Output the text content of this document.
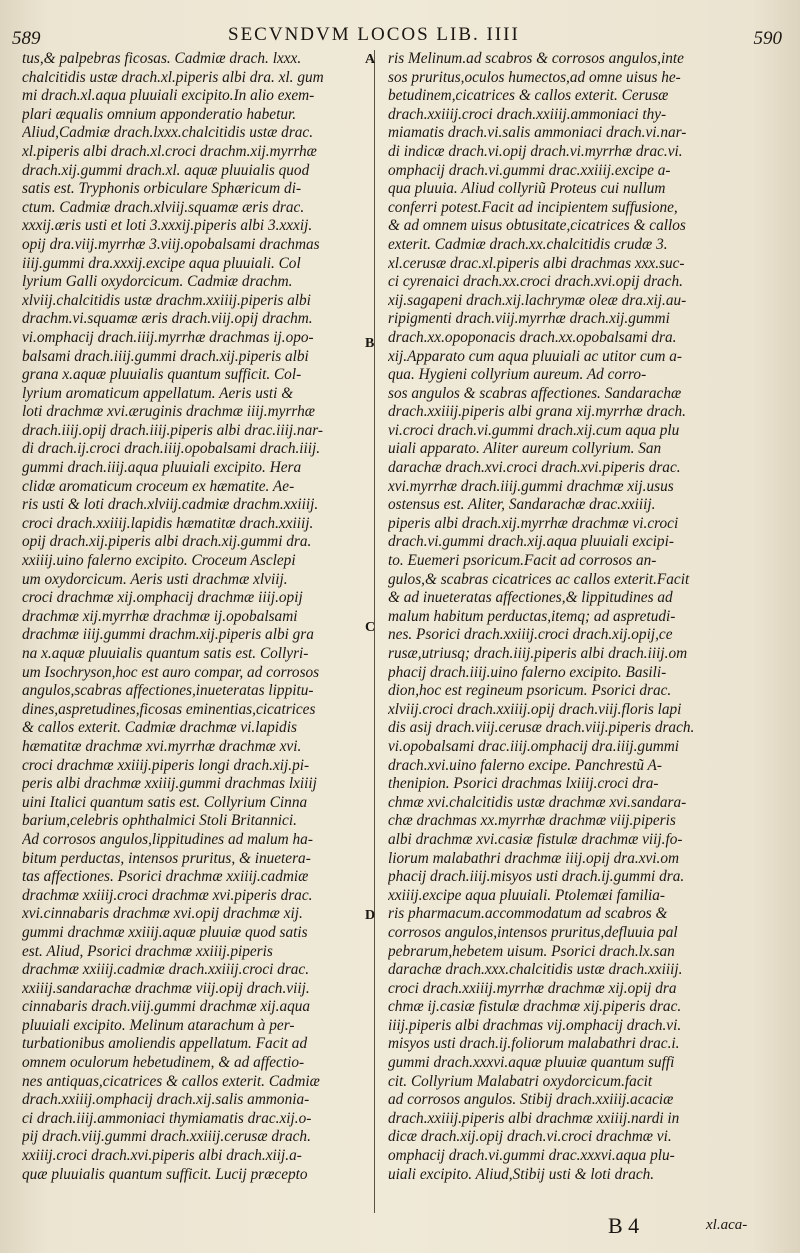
589	SECVNDVM LOCOS LIB. IIII	590
tus,& palpebras ficosas. Cadmiæ drach. lxxx.
chalcitidis ustæ drach.xl.piperis albi dra. xl. gum
mi drach.xl.aqua pluuiali excipito.In alio exem-
plari æqualis omnium apponderatio habetur.
Aliud,Cadmiæ drach.lxxx.chalcitidis ustæ drac.
xl.piperis albi drach.xl.croci drachm.xij.myrrhæ
drach.xij.gummi drach.xl. aquæ pluuialis quod
satis est. Tryphonis orbiculare Sphæricum di-
ctum. Cadmiæ drach.xlviij.squamæ æris drac.
xxxij.æris usti et loti 3.xxxij.piperis albi 3.xxxij.
opij dra.viij.myrrhæ 3.viij.opobalsami drachmas
iiij.gummi dra.xxxij.excipe aqua pluuiali. Col
lyrium Galli oxydorcicum. Cadmiæ drachm.
xlviij.chalcitidis ustæ drachm.xxiiij.piperis albi
drachm.vi.squamæ æris drach.viij.opij drachm.
vi.omphacij drach.iiij.myrrhæ drachmas ij.opo-
balsami drach.iiij.gummi drach.xij.piperis albi
grana x.aquæ pluuialis quantum sufficit. Col-
lyrium aromaticum appellatum. Aeris usti &
loti drachmæ xvi.æruginis drachmæ iiij.myrrhæ
drach.iiij.opij drach.iiij.piperis albi drac.iiij.nar-
di drach.ij.croci drach.iiij.opobalsami drach.iiij.
gummi drach.iiij.aqua pluuiali excipito. Hera
clidæ aromaticum croceum ex hæmatite. Ae-
ris usti & loti drach.xlviij.cadmiæ drachm.xxiiij.
croci drach.xxiiij.lapidis hæmatitæ drach.xxiiij.
opij drach.xij.piperis albi drach.xij.gummi dra.
xxiiij.uino falerno excipito. Croceum Asclepi
um oxydorcicum. Aeris usti drachmæ xlviij.
croci drachmæ xij.omphacij drachmæ iiij.opij
drachmæ xij.myrrhæ drachmæ ij.opobalsami
drachmæ iiij.gummi drachm.xij.piperis albi gra
na x.aquæ pluuialis quantum satis est. Collyri-
um Isochryson,hoc est auro compar, ad corrosos
angulos,scabras affectiones,inueteratas lippitu-
dines,aspretudines,ficosas eminentias,cicatrices
& callos exterit. Cadmiæ drachmæ vi.lapidis
hæmatitæ drachmæ xvi.myrrhæ drachmæ xvi.
croci drachmæ xxiiij.piperis longi drach.xij.pi-
peris albi drachmæ xxiiij.gummi drachmas lxiiij
uini Italici quantum satis est. Collyrium Cinna
barium,celebris ophthalmici Stoli Britannici.
Ad corrosos angulos,lippitudines ad malum ha-
bitum perductas, intensos pruritus, & inuetera-
tas affectiones. Psorici drachmæ xxiiij.cadmiæ
drachmæ xxiiij.croci drachmæ xvi.piperis drac.
xvi.cinnabaris drachmæ xvi.opij drachmæ xij.
gummi drachmæ xxiiij.aquæ pluuiæ quod satis
est. Aliud, Psorici drachmæ xxiiij.piperis
drachmæ xxiiij.cadmiæ drach.xxiiij.croci drac.
xxiiij.sandarachæ drachmæ viij.opij drach.viij.
cinnabaris drach.viij.gummi drachmæ xij.aqua
pluuiali excipito. Melinum atarachum à per-
turbationibus amoliendis appellatum. Facit ad
omnem oculorum hebetudinem, & ad affectio-
nes antiquas,cicatrices & callos exterit. Cadmiæ
drach.xxiiij.omphacij drach.xij.salis ammonia-
ci drach.iiij.ammoniaci thymiamatis drac.xij.o-
pij drach.viij.gummi drach.xxiiij.cerusæ drach.
xxiiij.croci drach.xvi.piperis albi drach.xiij.a-
quæ pluuialis quantum sufficit. Lucij præcepto
ris Melinum.ad scabros & corrosos angulos,inte
sos pruritus,oculos humectos,ad omne uisus he-
betudinem,cicatrices & callos exterit. Cerusæ
drach.xxiiij.croci drach.xxiiij.ammoniaci thy-
miamatis drach.vi.salis ammoniaci drach.vi.nar-
di indicæ drach.vi.opij drach.vi.myrrhæ drac.vi.
omphacij drach.vi.gummi drac.xxiiij.excipe a-
qua pluuia. Aliud collyriũ Proteus cui nullum
conferri potest.Facit ad incipientem suffusione,
& ad omnem uisus obtusitate,cicatrices & callos
exterit. Cadmiæ drach.xx.chalcitidis crudæ 3.
xl.cerusæ drac.xl.piperis albi drachmas xxx.suc-
ci cyrenaici drach.xx.croci drach.xvi.opij drach.
xij.sagapeni drach.xij.lachrymæ oleæ dra.xij.au-
ripigmenti drach.viij.myrrhæ drach.xij.gummi
drach.xx.opoponacis drach.xx.opobalsami dra.
xij.Apparato cum aqua pluuiali ac utitor cum a-
qua. Hygieni collyrium aureum. Ad corro-
sos angulos & scabras affectiones. Sandarachæ
drach.xxiiij.piperis albi grana xij.myrrhæ drach.
vi.croci drach.vi.gummi drach.xij.cum aqua plu
uiali apparato. Aliter aureum collyrium. San
darachæ drach.xvi.croci drach.xvi.piperis drac.
xvi.myrrhæ drach.iiij.gummi drachmæ xij.usus
ostensus est. Aliter, Sandarachæ drac.xxiiij.
piperis albi drach.xij.myrrhæ drachmæ vi.croci
drach.vi.gummi drach.xij.aqua pluuiali excipi-
to. Euemeri psoricum.Facit ad corrosos an-
gulos,& scabras cicatrices ac callos exterit.Facit
& ad inueteratas affectiones,& lippitudines ad
malum habitum perductas,itemq; ad aspretudi-
nes. Psorici drach.xxiiij.croci drach.xij.opij,ce
rusæ,utriusq; drach.iiij.piperis albi drach.iiij.om
phacij drach.iiij.uino falerno excipito. Basili-
dion,hoc est regineum psoricum. Psorici drac.
xlviij.croci drach.xxiiij.opij drach.viij.floris lapi
dis asij drach.viij.cerusæ drach.viij.piperis drach.
vi.opobalsami drac.iiij.omphacij dra.iiij.gummi
drach.xvi.uino falerno excipe. Panchrestũ A-
thenipion. Psorici drachmas lxiiij.croci dra-
chmæ xvi.chalcitidis ustæ drachmæ xvi.sandara-
chæ drachmas xx.myrrhæ drachmæ viij.piperis
albi drachmæ xvi.casiæ fistulæ drachmæ viij.fo-
liorum malabathri drachmæ iiij.opij dra.xvi.om
phacij drach.iiij.misyos usti drach.ij.gummi dra.
xxiiij.excipe aqua pluuiali. Ptolemæi familia-
ris pharmacum.accommodatum ad scabros &
corrosos angulos,intensos pruritus,defluuia pal
pebrarum,hebetem uisum. Psorici drach.lx.san
darachæ drach.xxx.chalcitidis ustæ drach.xxiiij.
croci drach.xxiiij.myrrhæ drachmæ xij.opij dra
chmæ ij.casiæ fistulæ drachmæ xij.piperis drac.
iiij.piperis albi drachmas vij.omphacij drach.vi.
misyos usti drach.ij.foliorum malabathri drac.i.
gummi drach.xxxvi.aquæ pluuiæ quantum suffi
cit. Collyrium Malabatri oxydorcicum.facit
ad corrosos angulos. Stibij drach.xxiiij.acaciæ
drach.xxiiij.piperis albi drachmæ xxiiij.nardi in
dicæ drach.xij.opij drach.vi.croci drachmæ vi.
omphacij drach.vi.gummi drac.xxxvi.aqua plu-
uiali excipito. Aliud,Stibij usti & loti drach.
A
B
C
D
B 4	xl.aca-
